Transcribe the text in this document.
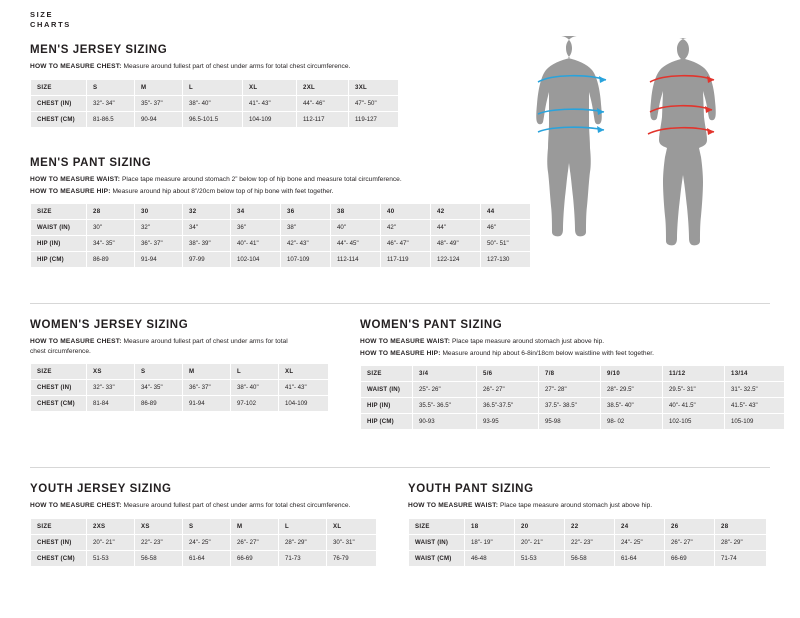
SIZE
CHARTS
MEN'S JERSEY SIZING
HOW TO MEASURE CHEST: Measure around fullest part of chest under arms for total chest circumference.
SIZE	S	M	L	XL	2XL	3XL
CHEST (IN)	32"- 34"	35"- 37"	38"- 40"	41"- 43"	44"- 46"	47"- 50"
CHEST (CM)	81-86.5	90-94	96.5-101.5	104-109	112-117	119-127
MEN'S PANT SIZING
HOW TO MEASURE WAIST: Place tape measure around stomach 2” below top of hip bone and measure total circumference.
HOW TO MEASURE HIP: Measure around hip about 8”/20cm below top of hip bone with feet together.
SIZE	28	30	32	34	36	38	40	42	44
WAIST (IN)	30"	32"	34"	36"	38"	40"	42"	44"	46"
HIP (IN)	34"- 35"	36"- 37"	38"- 39"	40"- 41"	42"- 43"	44"- 45"	46"- 47"	48"- 49"	50"- 51"
HIP (CM)	86-89	91-94	97-99	102-104	107-109	112-114	117-119	122-124	127-130
WOMEN'S JERSEY SIZING
HOW TO MEASURE CHEST: Measure around fullest part of chest under arms for total chest circumference.
SIZE	XS	S	M	L	XL
CHEST (IN)	32"- 33"	34"- 35"	36"- 37"	38"- 40"	41"- 43"
CHEST (CM)	81-84	86-89	91-94	97-102	104-109
WOMEN'S PANT SIZING
HOW TO MEASURE WAIST: Place tape measure around stomach just above hip.
HOW TO MEASURE HIP: Measure around hip about 6-8in/18cm below waistline with feet together.
SIZE	3/4	5/6	7/8	9/10	11/12	13/14
WAIST (IN)	25"- 26"	26"- 27"	27"- 28"	28"- 29.5"	29.5"- 31"	31"- 32.5"
HIP (IN)	35.5"- 36.5"	36.5"-37.5"	37.5"- 38.5"	38.5"- 40"	40"- 41.5"	41.5"- 43"
HIP (CM)	90-93	93-95	95-98	98- 02	102-105	105-109
YOUTH JERSEY SIZING
HOW TO MEASURE CHEST: Measure around fullest part of chest under arms for total chest circumference.
SIZE	2XS	XS	S	M	L	XL
CHEST (IN)	20"- 21"	22"- 23"	24"- 25"	26"- 27"	28"- 29"	30"- 31"
CHEST (CM)	51-53	56-58	61-64	66-69	71-73	76-79
YOUTH PANT SIZING
HOW TO MEASURE WAIST: Place tape measure around stomach just above hip.
SIZE	18	20	22	24	26	28
WAIST (IN)	18"- 19"	20"- 21"	22"- 23"	24"- 25"	26"- 27"	28"- 29"
WAIST (CM)	46-48	51-53	56-58	61-64	66-69	71-74
